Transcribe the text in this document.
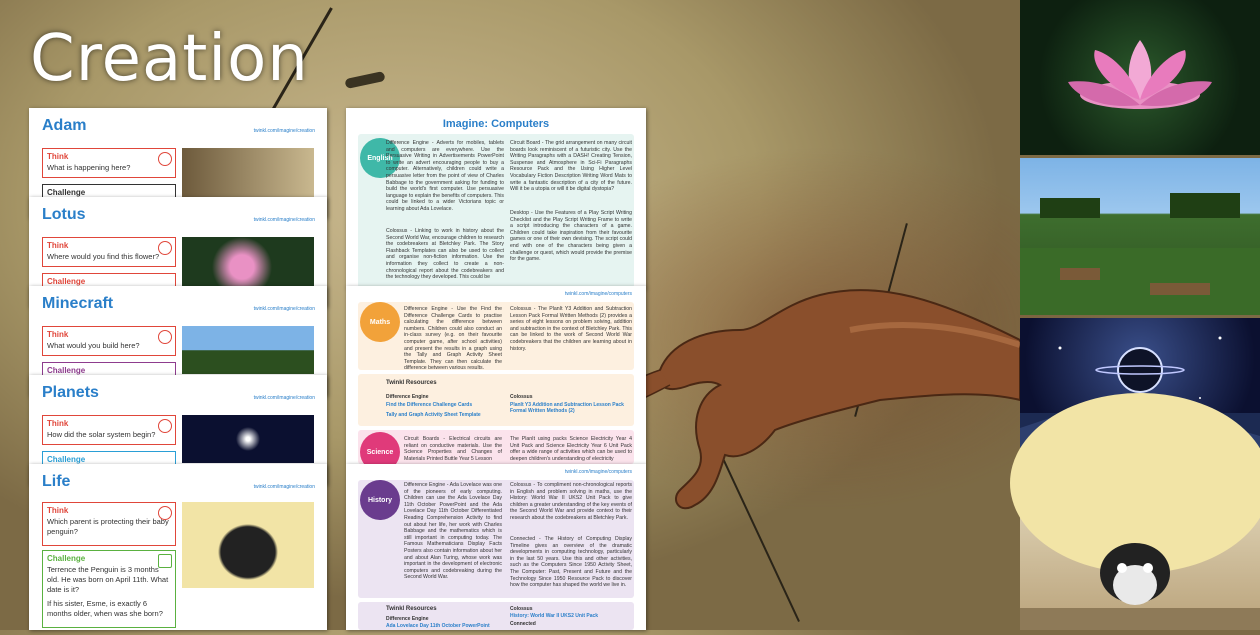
Creation
Adam	twinkl.com/imagine/creation
Think
What is happening here?
Challenge
Lotus	twinkl.com/imagine/creation
Think
Where would you find this flower?
Challenge
Minecraft	twinkl.com/imagine/creation
Think
What would you build here?
Challenge
Planets	twinkl.com/imagine/creation
Think
How did the solar system begin?
Challenge
Life	twinkl.com/imagine/creation
Think
Which parent is protecting their baby penguin?
Challenge
Terrence the Penguin is 3 months old. He was born on April 11th. What date is it?
If his sister, Esme, is exactly 6 months older, when was she born?
Imagine: Computers
English
Difference Engine - Adverts for mobiles, tablets and computers are everywhere. Use the Persuasive Writing in Advertisements PowerPoint to write an advert encouraging people to buy a computer. Alternatively, children could write a persuasive letter from the point of view of Charles Babbage to the government asking for funding to build the world's first computer. Use persuasive language to explain the benefits of computers. This could be linked to a wider Victorians topic or learning about Ada Lovelace.
Colossus - Linking to work in history about the Second World War, encourage children to research the codebreakers at Bletchley Park. The Story Flashback Templates can also be used to collect and organise non-fiction information. Use the information they collect to create a non-chronological report about the codebreakers and the technology they developed. This could be
Circuit Board - The grid arrangement on many circuit boards look reminiscent of a futuristic city. Use the Writing Paragraphs with a DASH! Creating Tension, Suspense and Atmosphere in Sci-Fi Paragraphs Resource Pack and the Using Higher Level Vocabulary Fiction Description Writing Word Mats to write a fantastic description of a city of the future. Will it be a utopia or will it be digital dystopia?
Desktop - Use the Features of a Play Script Writing Checklist and the Play Script Writing Frame to write a script introducing the characters of a game. Children could take inspiration from their favourite games or one of their own devising. The script could end with one of the characters being given a challenge or quest, which would provide the premise for the game.
twinkl.com/imagine/computers
Maths
Difference Engine - Use the Find the Difference Challenge Cards to practise calculating the difference between numbers. Children could also conduct an in-class survey (e.g. on their favourite computer game, after school activities) and present the results in a graph using the Tally and Graph Activity Sheet Template. They can then calculate the difference between various results.
Colossus - The PlanIt Y3 Addition and Subtraction Lesson Pack Formal Written Methods (2) provides a series of eight lessons on problem solving, addition and subtraction in the context of Bletchley Park. This can be linked to the work of Second World War codebreakers that the children are learning about in history.
Twinkl Resources
Difference Engine
Find the Difference Challenge Cards
Tally and Graph Activity Sheet Template
Colossus
PlanIt Y3 Addition and Subtraction Lesson Pack Formal Written Methods (2)
Science
Circuit Boards - Electrical circuits are reliant on conductive materials. Use the Science Properties and Changes of Materials Printed Buttle Year 5 Lesson
The PlanIt using packs Science Electricity Year 4 Unit Pack and Science Electricity Year 6 Unit Pack offer a wide range of activities which can be used to deepen children's understanding of electricity
twinkl.com/imagine/computers
History
Difference Engine - Ada Lovelace was one of the pioneers of early computing. Children can use the Ada Lovelace Day 11th October PowerPoint and the Ada Lovelace Day 11th October Differentiated Reading Comprehension Activity to find out about her life, her work with Charles Babbage and the mathematics which is still important in computing today. The Famous Mathematicians Display Facts Posters also contain information about her and about Alan Turing, whose work was important in the development of electronic computers and codebreaking during the Second World War.
Colossus - To compliment non-chronological reports in English and problem solving in maths, use the History: World War II UKS2 Unit Pack to give children a greater understanding of the key events of the Second World War and provide context to their research about the codebreakers at Bletchley Park.
Connected - The History of Computing Display Timeline gives an overview of the dramatic developments in computing technology, particularly in the last 50 years. Use this and other activities, such as the Computers Since 1950 Activity Sheet, The Computer: Past, Present and Future and the Technology Since 1950 Resource Pack to discover how the computer has shaped the world we live in.
Twinkl Resources
Difference Engine
Ada Lovelace Day 11th October PowerPoint
Colossus
History: World War II UKS2 Unit Pack
Connected
